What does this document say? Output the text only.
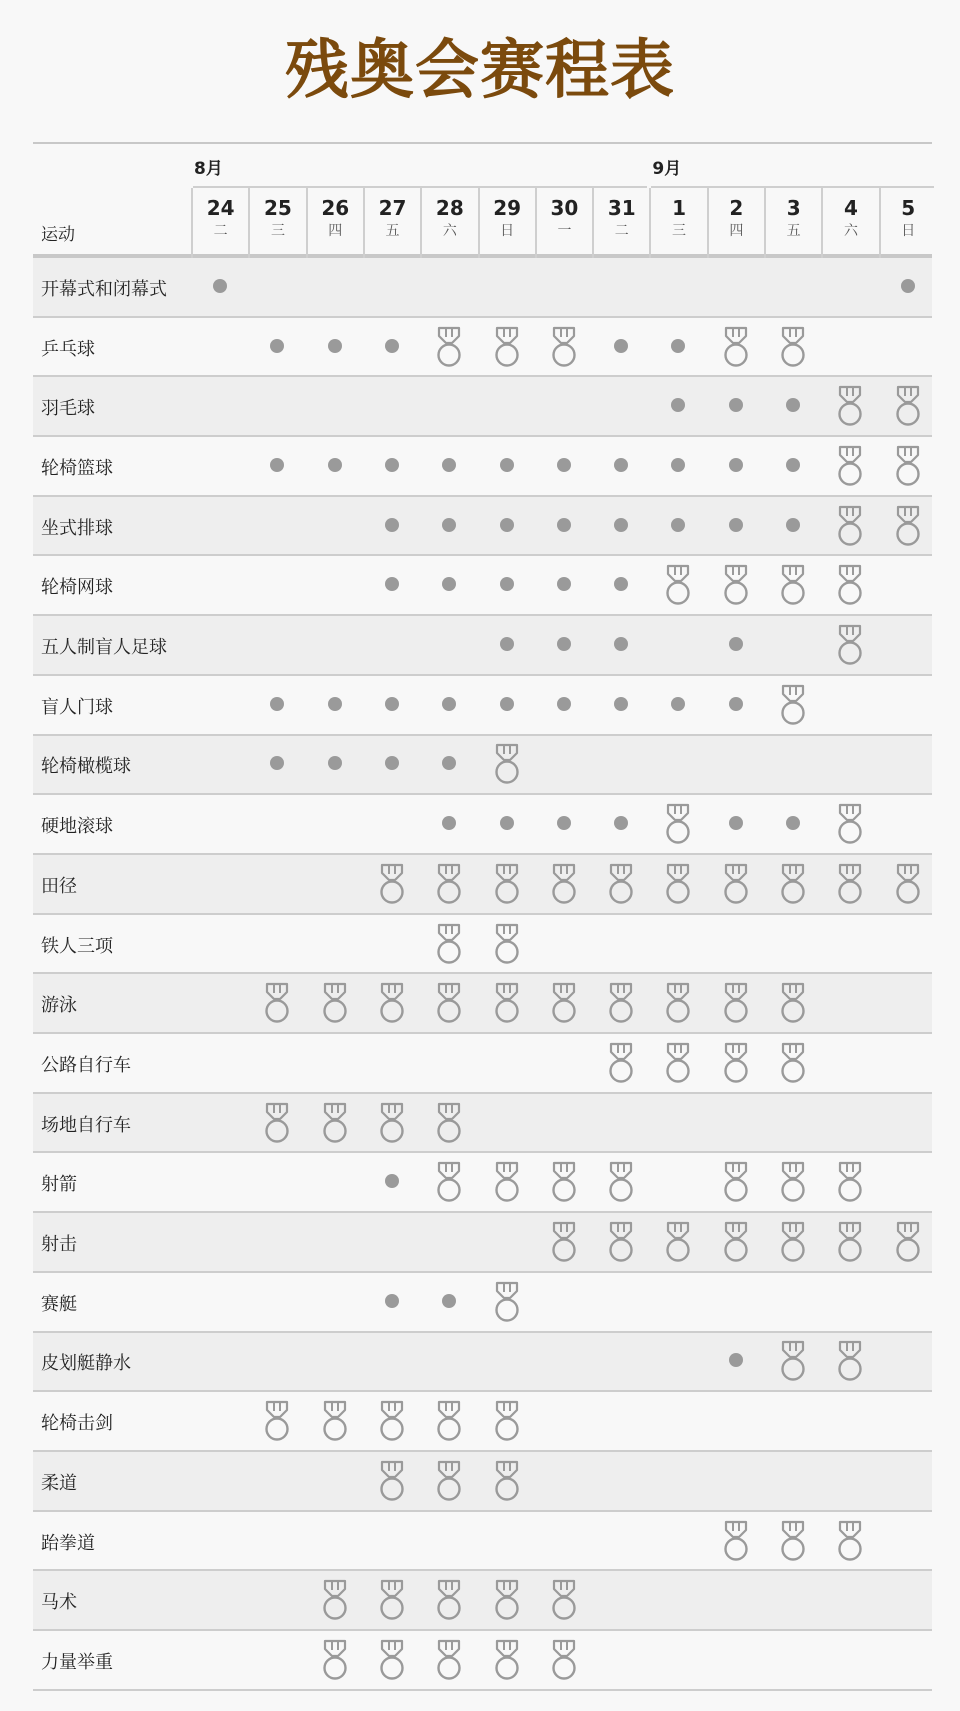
残奥会赛程表
运动
8月	9月
24
二
25
三
26
四
27
五
28
六
29
日
30
一
31
二
1
三
2
四
3
五
4
六
5
日
开幕式和闭幕式
乒乓球
羽毛球
轮椅篮球
坐式排球
轮椅网球
五人制盲人足球
盲人门球
轮椅橄榄球
硬地滚球
田径
铁人三项
游泳
公路自行车
场地自行车
射箭
射击
赛艇
皮划艇静水
轮椅击剑
柔道
跆拳道
马术
力量举重
